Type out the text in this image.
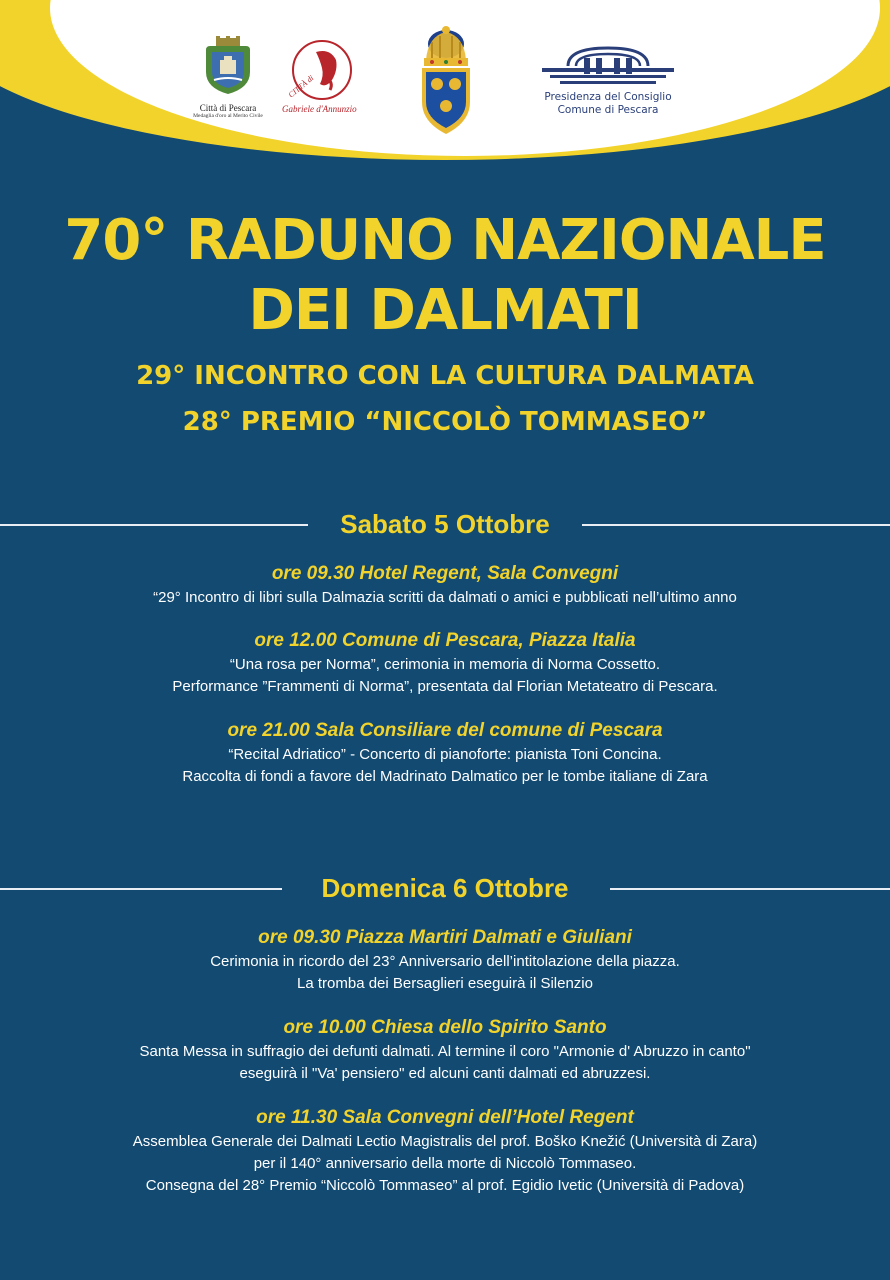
Città di Pescara
Medaglia d'oro al Merito Civile
CITTÀ di
Gabriele d'Annunzio
Presidenza del Consiglio
Comune di Pescara
70° RADUNO NAZIONALE
DEI DALMATI
29° INCONTRO CON LA CULTURA DALMATA
28° PREMIO “NICCOLÒ TOMMASEO”
Sabato 5 Ottobre
ore 09.30 Hotel Regent, Sala Convegni
“29° Incontro di libri sulla Dalmazia scritti da dalmati o amici e pubblicati nell’ultimo anno
ore 12.00 Comune di Pescara, Piazza Italia
“Una rosa per Norma”, cerimonia in memoria di Norma Cossetto.
Performance ”Frammenti di Norma”, presentata dal Florian Metateatro di Pescara.
ore 21.00 Sala Consiliare del comune di Pescara
“Recital Adriatico” - Concerto di pianoforte: pianista Toni Concina.
Raccolta di fondi a favore del Madrinato Dalmatico per le tombe italiane di Zara
Domenica 6 Ottobre
ore 09.30 Piazza Martiri Dalmati e Giuliani
Cerimonia in ricordo del 23° Anniversario dell’intitolazione della piazza.
La tromba dei Bersaglieri eseguirà il Silenzio
ore 10.00 Chiesa dello Spirito Santo
Santa Messa in suffragio dei defunti dalmati. Al termine il coro "Armonie d' Abruzzo in canto"
eseguirà il "Va' pensiero" ed alcuni canti dalmati ed abruzzesi.
ore 11.30 Sala Convegni dell’Hotel Regent
Assemblea Generale dei Dalmati Lectio Magistralis del prof. Boško Knežić (Università di Zara)
per il 140° anniversario della morte di Niccolò Tommaseo.
Consegna del 28° Premio “Niccolò Tommaseo” al prof. Egidio Ivetic (Università di Padova)
